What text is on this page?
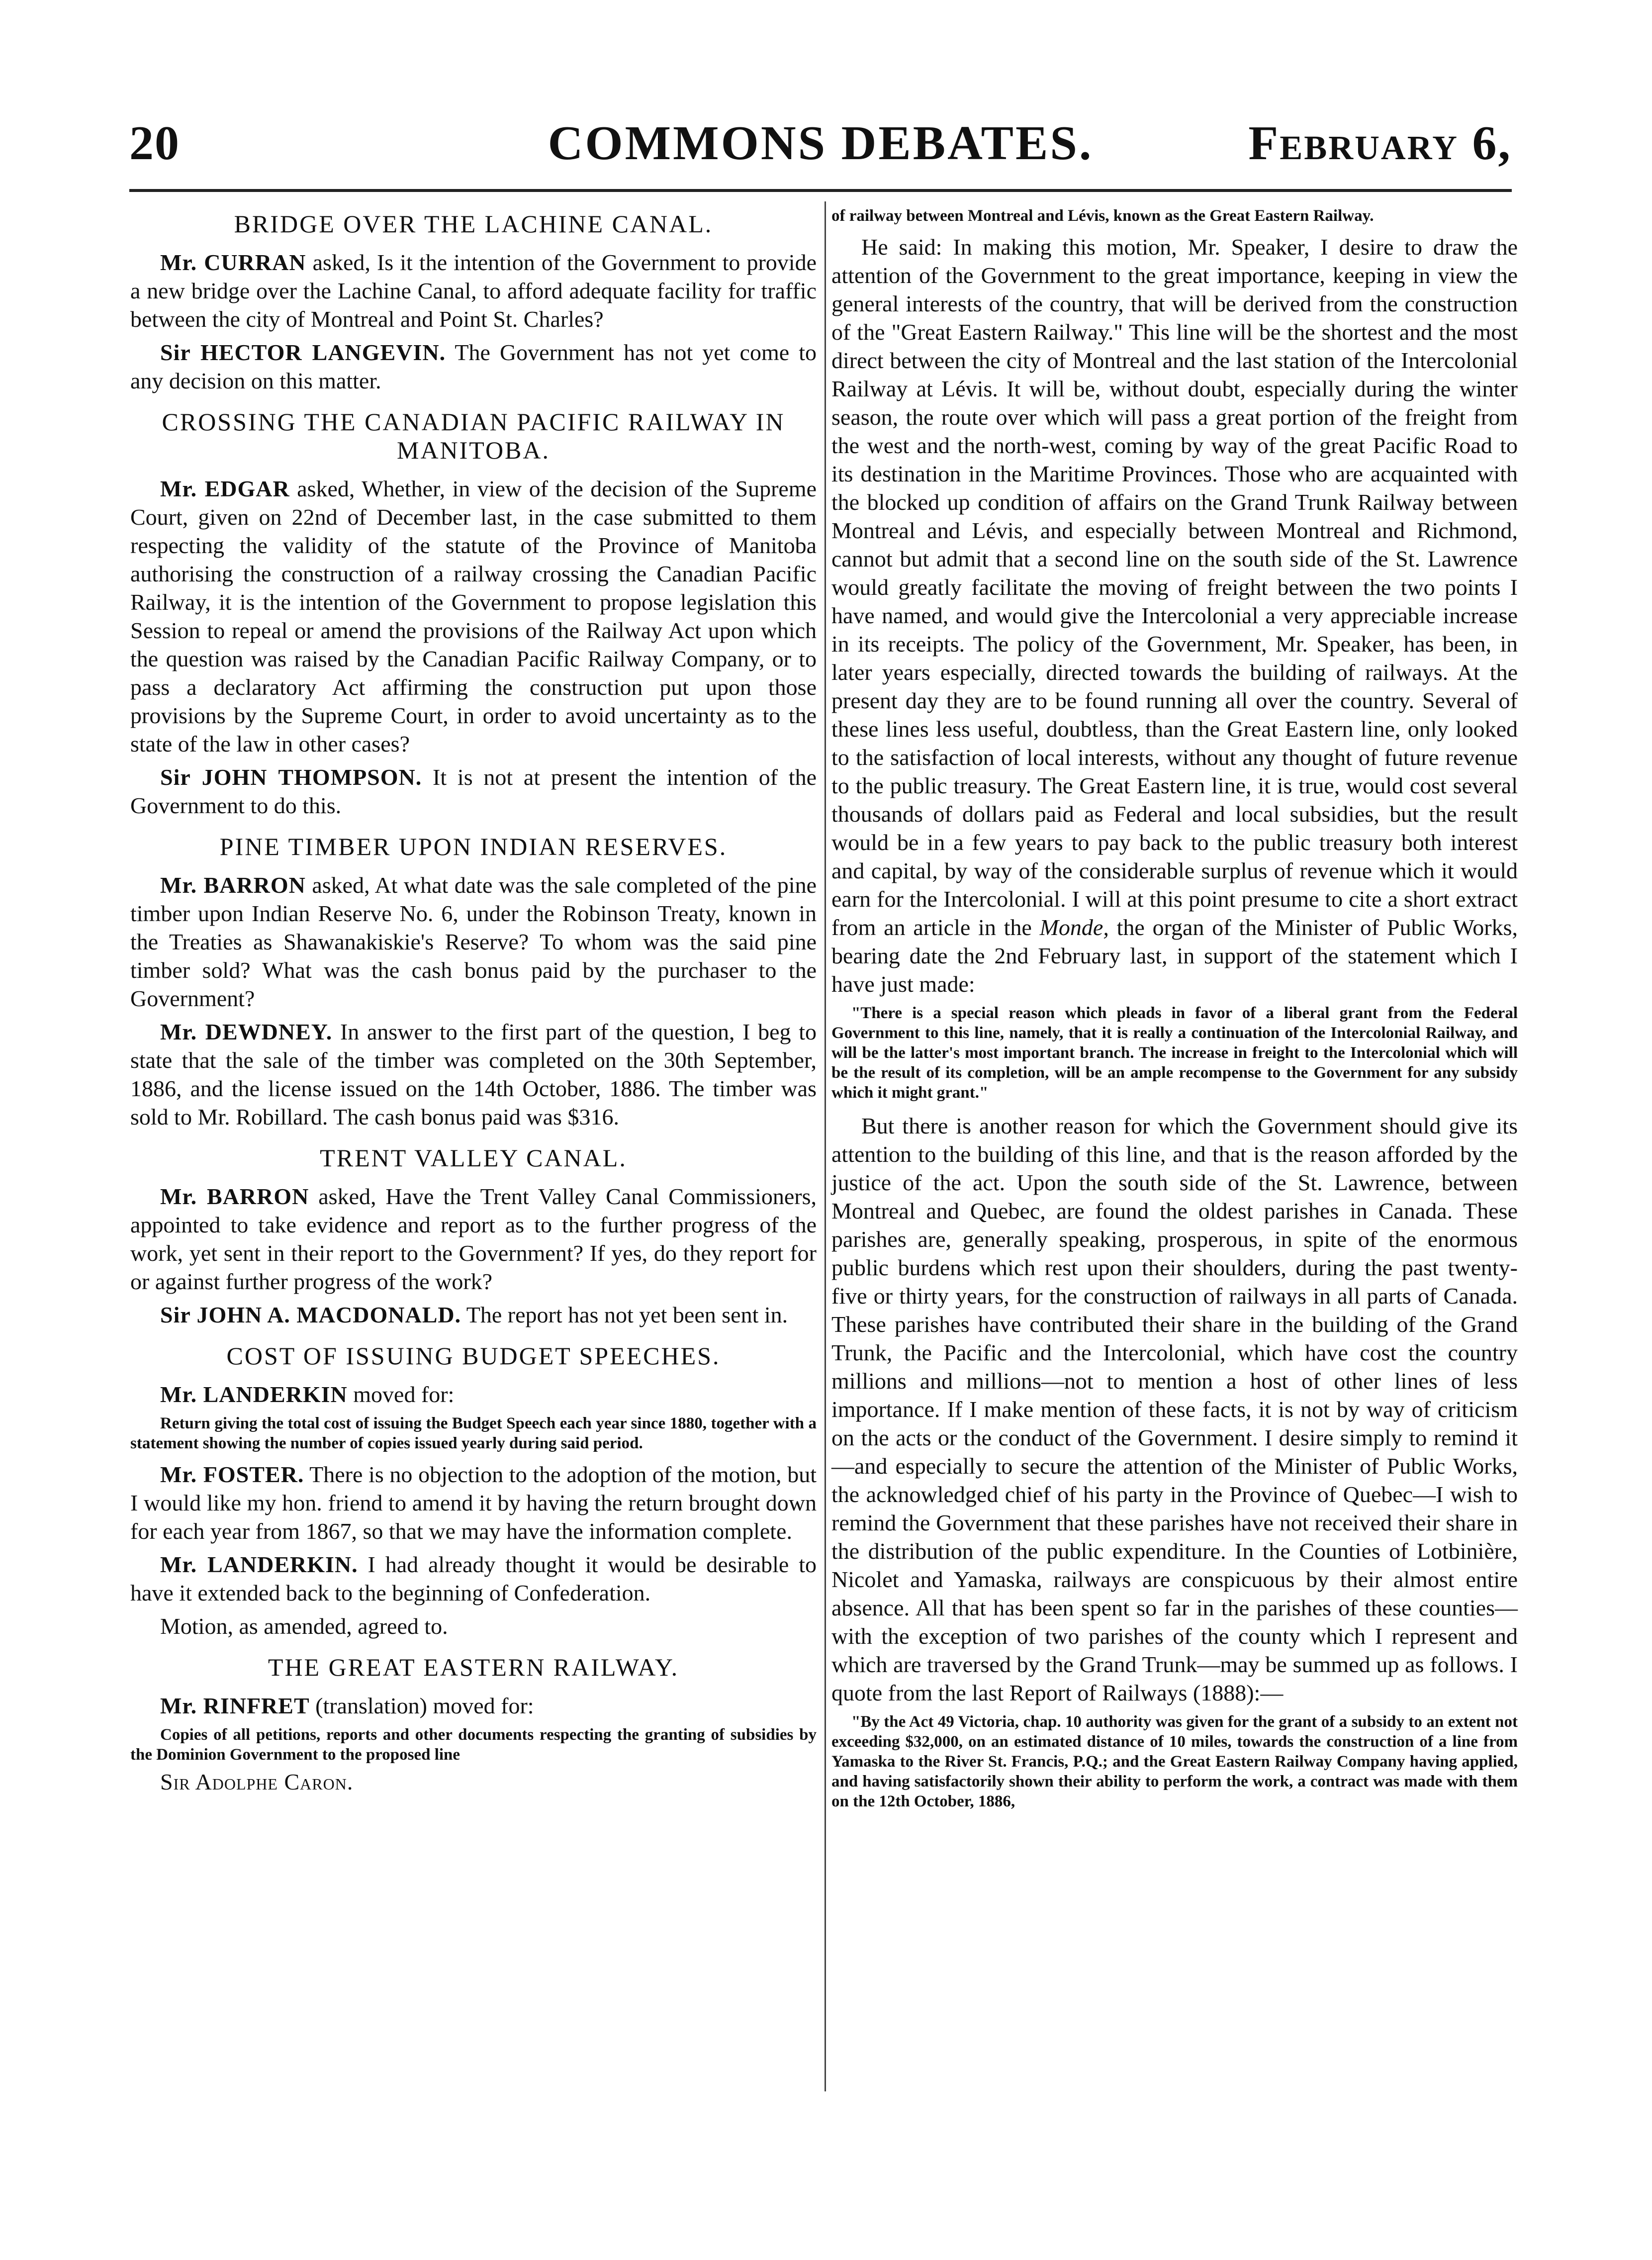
20	COMMONS DEBATES.	February 6,

BRIDGE OVER THE LACHINE CANAL.

Mr. CURRAN asked, Is it the intention of the Government to provide a new bridge over the Lachine Canal, to afford adequate facility for traffic between the city of Montreal and Point St. Charles?

Sir HECTOR LANGEVIN. The Government has not yet come to any decision on this matter.

CROSSING THE CANADIAN PACIFIC RAILWAY IN MANITOBA.

Mr. EDGAR asked, Whether, in view of the decision of the Supreme Court, given on 22nd of December last, in the case submitted to them respecting the validity of the statute of the Province of Manitoba authorising the construction of a railway crossing the Canadian Pacific Railway, it is the intention of the Government to propose legislation this Session to repeal or amend the provisions of the Railway Act upon which the question was raised by the Canadian Pacific Railway Company, or to pass a declaratory Act affirming the construction put upon those provisions by the Supreme Court, in order to avoid uncertainty as to the state of the law in other cases?

Sir JOHN THOMPSON. It is not at present the intention of the Government to do this.

PINE TIMBER UPON INDIAN RESERVES.

Mr. BARRON asked, At what date was the sale completed of the pine timber upon Indian Reserve No. 6, under the Robinson Treaty, known in the Treaties as Shawanakiskie's Reserve? To whom was the said pine timber sold? What was the cash bonus paid by the purchaser to the Government?

Mr. DEWDNEY. In answer to the first part of the question, I beg to state that the sale of the timber was completed on the 30th September, 1886, and the license issued on the 14th October, 1886. The timber was sold to Mr. Robillard. The cash bonus paid was $316.

TRENT VALLEY CANAL.

Mr. BARRON asked, Have the Trent Valley Canal Commissioners, appointed to take evidence and report as to the further progress of the work, yet sent in their report to the Government? If yes, do they report for or against further progress of the work?

Sir JOHN A. MACDONALD. The report has not yet been sent in.

COST OF ISSUING BUDGET SPEECHES.

Mr. LANDERKIN moved for:

Return giving the total cost of issuing the Budget Speech each year since 1880, together with a statement showing the number of copies issued yearly during said period.

Mr. FOSTER. There is no objection to the adoption of the motion, but I would like my hon. friend to amend it by having the return brought down for each year from 1867, so that we may have the information complete.

Mr. LANDERKIN. I had already thought it would be desirable to have it extended back to the beginning of Confederation.

Motion, as amended, agreed to.

THE GREAT EASTERN RAILWAY.

Mr. RINFRET (translation) moved for:

Copies of all petitions, reports and other documents respecting the granting of subsidies by the Dominion Government to the proposed line

Sir Adolphe Caron.

of railway between Montreal and Lévis, known as the Great Eastern Railway.

He said: In making this motion, Mr. Speaker, I desire to draw the attention of the Government to the great importance, keeping in view the general interests of the country, that will be derived from the construction of the "Great Eastern Railway." This line will be the shortest and the most direct between the city of Montreal and the last station of the Intercolonial Railway at Lévis. It will be, without doubt, especially during the winter season, the route over which will pass a great portion of the freight from the west and the north-west, coming by way of the great Pacific Road to its destination in the Maritime Provinces. Those who are acquainted with the blocked up condition of affairs on the Grand Trunk Railway between Montreal and Lévis, and especially between Montreal and Richmond, cannot but admit that a second line on the south side of the St. Lawrence would greatly facilitate the moving of freight between the two points I have named, and would give the Intercolonial a very appreciable increase in its receipts. The policy of the Government, Mr. Speaker, has been, in later years especially, directed towards the building of railways. At the present day they are to be found running all over the country. Several of these lines less useful, doubtless, than the Great Eastern line, only looked to the satisfaction of local interests, without any thought of future revenue to the public treasury. The Great Eastern line, it is true, would cost several thousands of dollars paid as Federal and local subsidies, but the result would be in a few years to pay back to the public treasury both interest and capital, by way of the considerable surplus of revenue which it would earn for the Intercolonial. I will at this point presume to cite a short extract from an article in the Monde, the organ of the Minister of Public Works, bearing date the 2nd February last, in support of the statement which I have just made:

"There is a special reason which pleads in favor of a liberal grant from the Federal Government to this line, namely, that it is really a continuation of the Intercolonial Railway, and will be the latter's most important branch. The increase in freight to the Intercolonial which will be the result of its completion, will be an ample recompense to the Government for any subsidy which it might grant."

But there is another reason for which the Government should give its attention to the building of this line, and that is the reason afforded by the justice of the act. Upon the south side of the St. Lawrence, between Montreal and Quebec, are found the oldest parishes in Canada. These parishes are, generally speaking, prosperous, in spite of the enormous public burdens which rest upon their shoulders, during the past twenty-five or thirty years, for the construction of railways in all parts of Canada. These parishes have contributed their share in the building of the Grand Trunk, the Pacific and the Intercolonial, which have cost the country millions and millions—not to mention a host of other lines of less importance. If I make mention of these facts, it is not by way of criticism on the acts or the conduct of the Government. I desire simply to remind it—and especially to secure the attention of the Minister of Public Works, the acknowledged chief of his party in the Province of Quebec—I wish to remind the Government that these parishes have not received their share in the distribution of the public expenditure. In the Counties of Lotbinière, Nicolet and Yamaska, railways are conspicuous by their almost entire absence. All that has been spent so far in the parishes of these counties—with the exception of two parishes of the county which I represent and which are traversed by the Grand Trunk—may be summed up as follows. I quote from the last Report of Railways (1888):—

"By the Act 49 Victoria, chap. 10 authority was given for the grant of a subsidy to an extent not exceeding $32,000, on an estimated distance of 10 miles, towards the construction of a line from Yamaska to the River St. Francis, P.Q.; and the Great Eastern Railway Company having applied, and having satisfactorily shown their ability to perform the work, a contract was made with them on the 12th October, 1886,
